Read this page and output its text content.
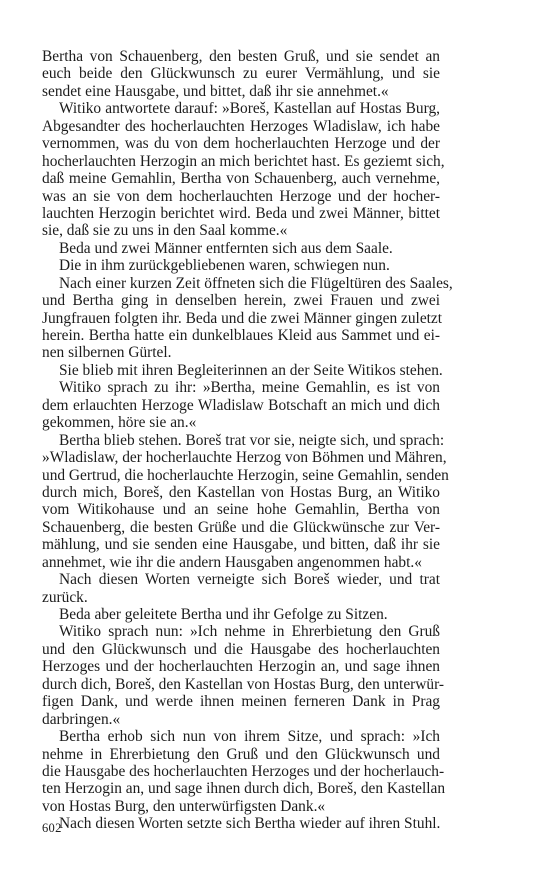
Bertha von Schauenberg, den besten Gruß, und sie sendet an
euch beide den Glückwunsch zu eurer Vermählung, und sie
sendet eine Hausgabe, und bittet, daß ihr sie annehmet.«
Witiko antwortete darauf: »Boreš, Kastellan auf Hostas Burg,
Abgesandter des hocherlauchten Herzoges Wladislaw, ich habe
vernommen, was du von dem hocherlauchten Herzoge und der
hocherlauchten Herzogin an mich berichtet hast. Es geziemt sich,
daß meine Gemahlin, Bertha von Schauenberg, auch vernehme,
was an sie von dem hocherlauchten Herzoge und der hocher-
lauchten Herzogin berichtet wird. Beda und zwei Männer, bittet
sie, daß sie zu uns in den Saal komme.«
Beda und zwei Männer entfernten sich aus dem Saale.
Die in ihm zurückgebliebenen waren, schwiegen nun.
Nach einer kurzen Zeit öffneten sich die Flügeltüren des Saales,
und Bertha ging in denselben herein, zwei Frauen und zwei
Jungfrauen folgten ihr. Beda und die zwei Männer gingen zuletzt
herein. Bertha hatte ein dunkelblaues Kleid aus Sammet und ei-
nen silbernen Gürtel.
Sie blieb mit ihren Begleiterinnen an der Seite Witikos stehen.
Witiko sprach zu ihr: »Bertha, meine Gemahlin, es ist von
dem erlauchten Herzoge Wladislaw Botschaft an mich und dich
gekommen, höre sie an.«
Bertha blieb stehen. Boreš trat vor sie, neigte sich, und sprach:
»Wladislaw, der hocherlauchte Herzog von Böhmen und Mähren,
und Gertrud, die hocherlauchte Herzogin, seine Gemahlin, senden
durch mich, Boreš, den Kastellan von Hostas Burg, an Witiko
vom Witikohause und an seine hohe Gemahlin, Bertha von
Schauenberg, die besten Grüße und die Glückwünsche zur Ver-
mählung, und sie senden eine Hausgabe, und bitten, daß ihr sie
annehmet, wie ihr die andern Hausgaben angenommen habt.«
Nach diesen Worten verneigte sich Boreš wieder, und trat
zurück.
Beda aber geleitete Bertha und ihr Gefolge zu Sitzen.
Witiko sprach nun: »Ich nehme in Ehrerbietung den Gruß
und den Glückwunsch und die Hausgabe des hocherlauchten
Herzoges und der hocherlauchten Herzogin an, und sage ihnen
durch dich, Boreš, den Kastellan von Hostas Burg, den unterwür-
figen Dank, und werde ihnen meinen ferneren Dank in Prag
darbringen.«
Bertha erhob sich nun von ihrem Sitze, und sprach: »Ich
nehme in Ehrerbietung den Gruß und den Glückwunsch und
die Hausgabe des hocherlauchten Herzoges und der hocherlauch-
ten Herzogin an, und sage ihnen durch dich, Boreš, den Kastellan
von Hostas Burg, den unterwürfigsten Dank.«
Nach diesen Worten setzte sich Bertha wieder auf ihren Stuhl.
602
